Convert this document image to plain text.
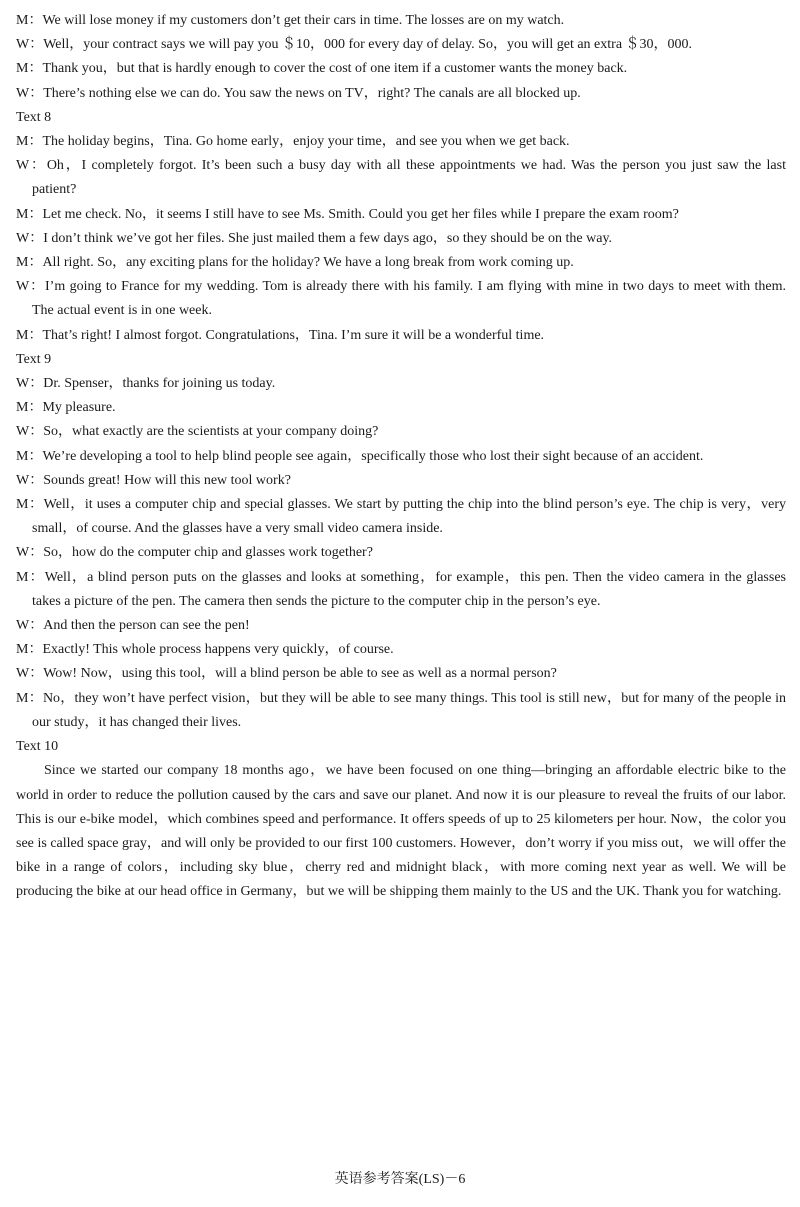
M：We will lose money if my customers don’t get their cars in time. The losses are on my watch.
W：Well，your contract says we will pay you ＄10，000 for every day of delay. So，you will get an extra ＄30，000.
M：Thank you，but that is hardly enough to cover the cost of one item if a customer wants the money back.
W：There’s nothing else we can do. You saw the news on TV，right? The canals are all blocked up.
Text 8
M：The holiday begins，Tina. Go home early，enjoy your time，and see you when we get back.
W：Oh，I completely forgot. It’s been such a busy day with all these appointments we had. Was the person you just saw the last patient?
M：Let me check. No，it seems I still have to see Ms. Smith. Could you get her files while I prepare the exam room?
W：I don’t think we’ve got her files. She just mailed them a few days ago，so they should be on the way.
M：All right. So，any exciting plans for the holiday? We have a long break from work coming up.
W：I’m going to France for my wedding. Tom is already there with his family. I am flying with mine in two days to meet with them. The actual event is in one week.
M：That’s right! I almost forgot. Congratulations，Tina. I’m sure it will be a wonderful time.
Text 9
W：Dr. Spenser，thanks for joining us today.
M：My pleasure.
W：So，what exactly are the scientists at your company doing?
M：We’re developing a tool to help blind people see again，specifically those who lost their sight because of an accident.
W：Sounds great! How will this new tool work?
M：Well，it uses a computer chip and special glasses. We start by putting the chip into the blind person’s eye. The chip is very，very small，of course. And the glasses have a very small video camera inside.
W：So，how do the computer chip and glasses work together?
M：Well，a blind person puts on the glasses and looks at something，for example，this pen. Then the video camera in the glasses takes a picture of the pen. The camera then sends the picture to the computer chip in the person’s eye.
W：And then the person can see the pen!
M：Exactly! This whole process happens very quickly，of course.
W：Wow! Now，using this tool，will a blind person be able to see as well as a normal person?
M：No，they won’t have perfect vision，but they will be able to see many things. This tool is still new，but for many of the people in our study，it has changed their lives.
Text 10
Since we started our company 18 months ago，we have been focused on one thing—bringing an affordable electric bike to the world in order to reduce the pollution caused by the cars and save our planet. And now it is our pleasure to reveal the fruits of our labor. This is our e-bike model，which combines speed and performance. It offers speeds of up to 25 kilometers per hour. Now，the color you see is called space gray，and will only be provided to our first 100 customers. However，don’t worry if you miss out，we will offer the bike in a range of colors，including sky blue，cherry red and midnight black，with more coming next year as well. We will be producing the bike at our head office in Germany，but we will be shipping them mainly to the US and the UK. Thank you for watching.
英语参考答案(LS)－6
